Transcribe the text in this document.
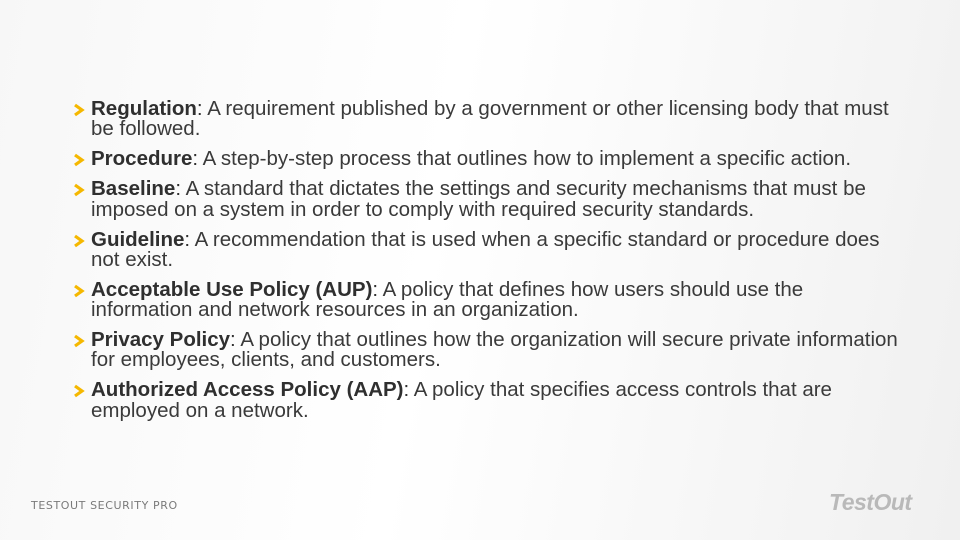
Regulation: A requirement published by a government or other licensing body that must be followed.
Procedure: A step-by-step process that outlines how to implement a specific action.
Baseline: A standard that dictates the settings and security mechanisms that must be imposed on a system in order to comply with required security standards.
Guideline: A recommendation that is used when a specific standard or procedure does not exist.
Acceptable Use Policy (AUP): A policy that defines how users should use the information and network resources in an organization.
Privacy Policy: A policy that outlines how the organization will secure private information for employees, clients, and customers.
Authorized Access Policy (AAP): A policy that specifies access controls that are employed on a network.
TESTOUT SECURITY PRO	TestOut
